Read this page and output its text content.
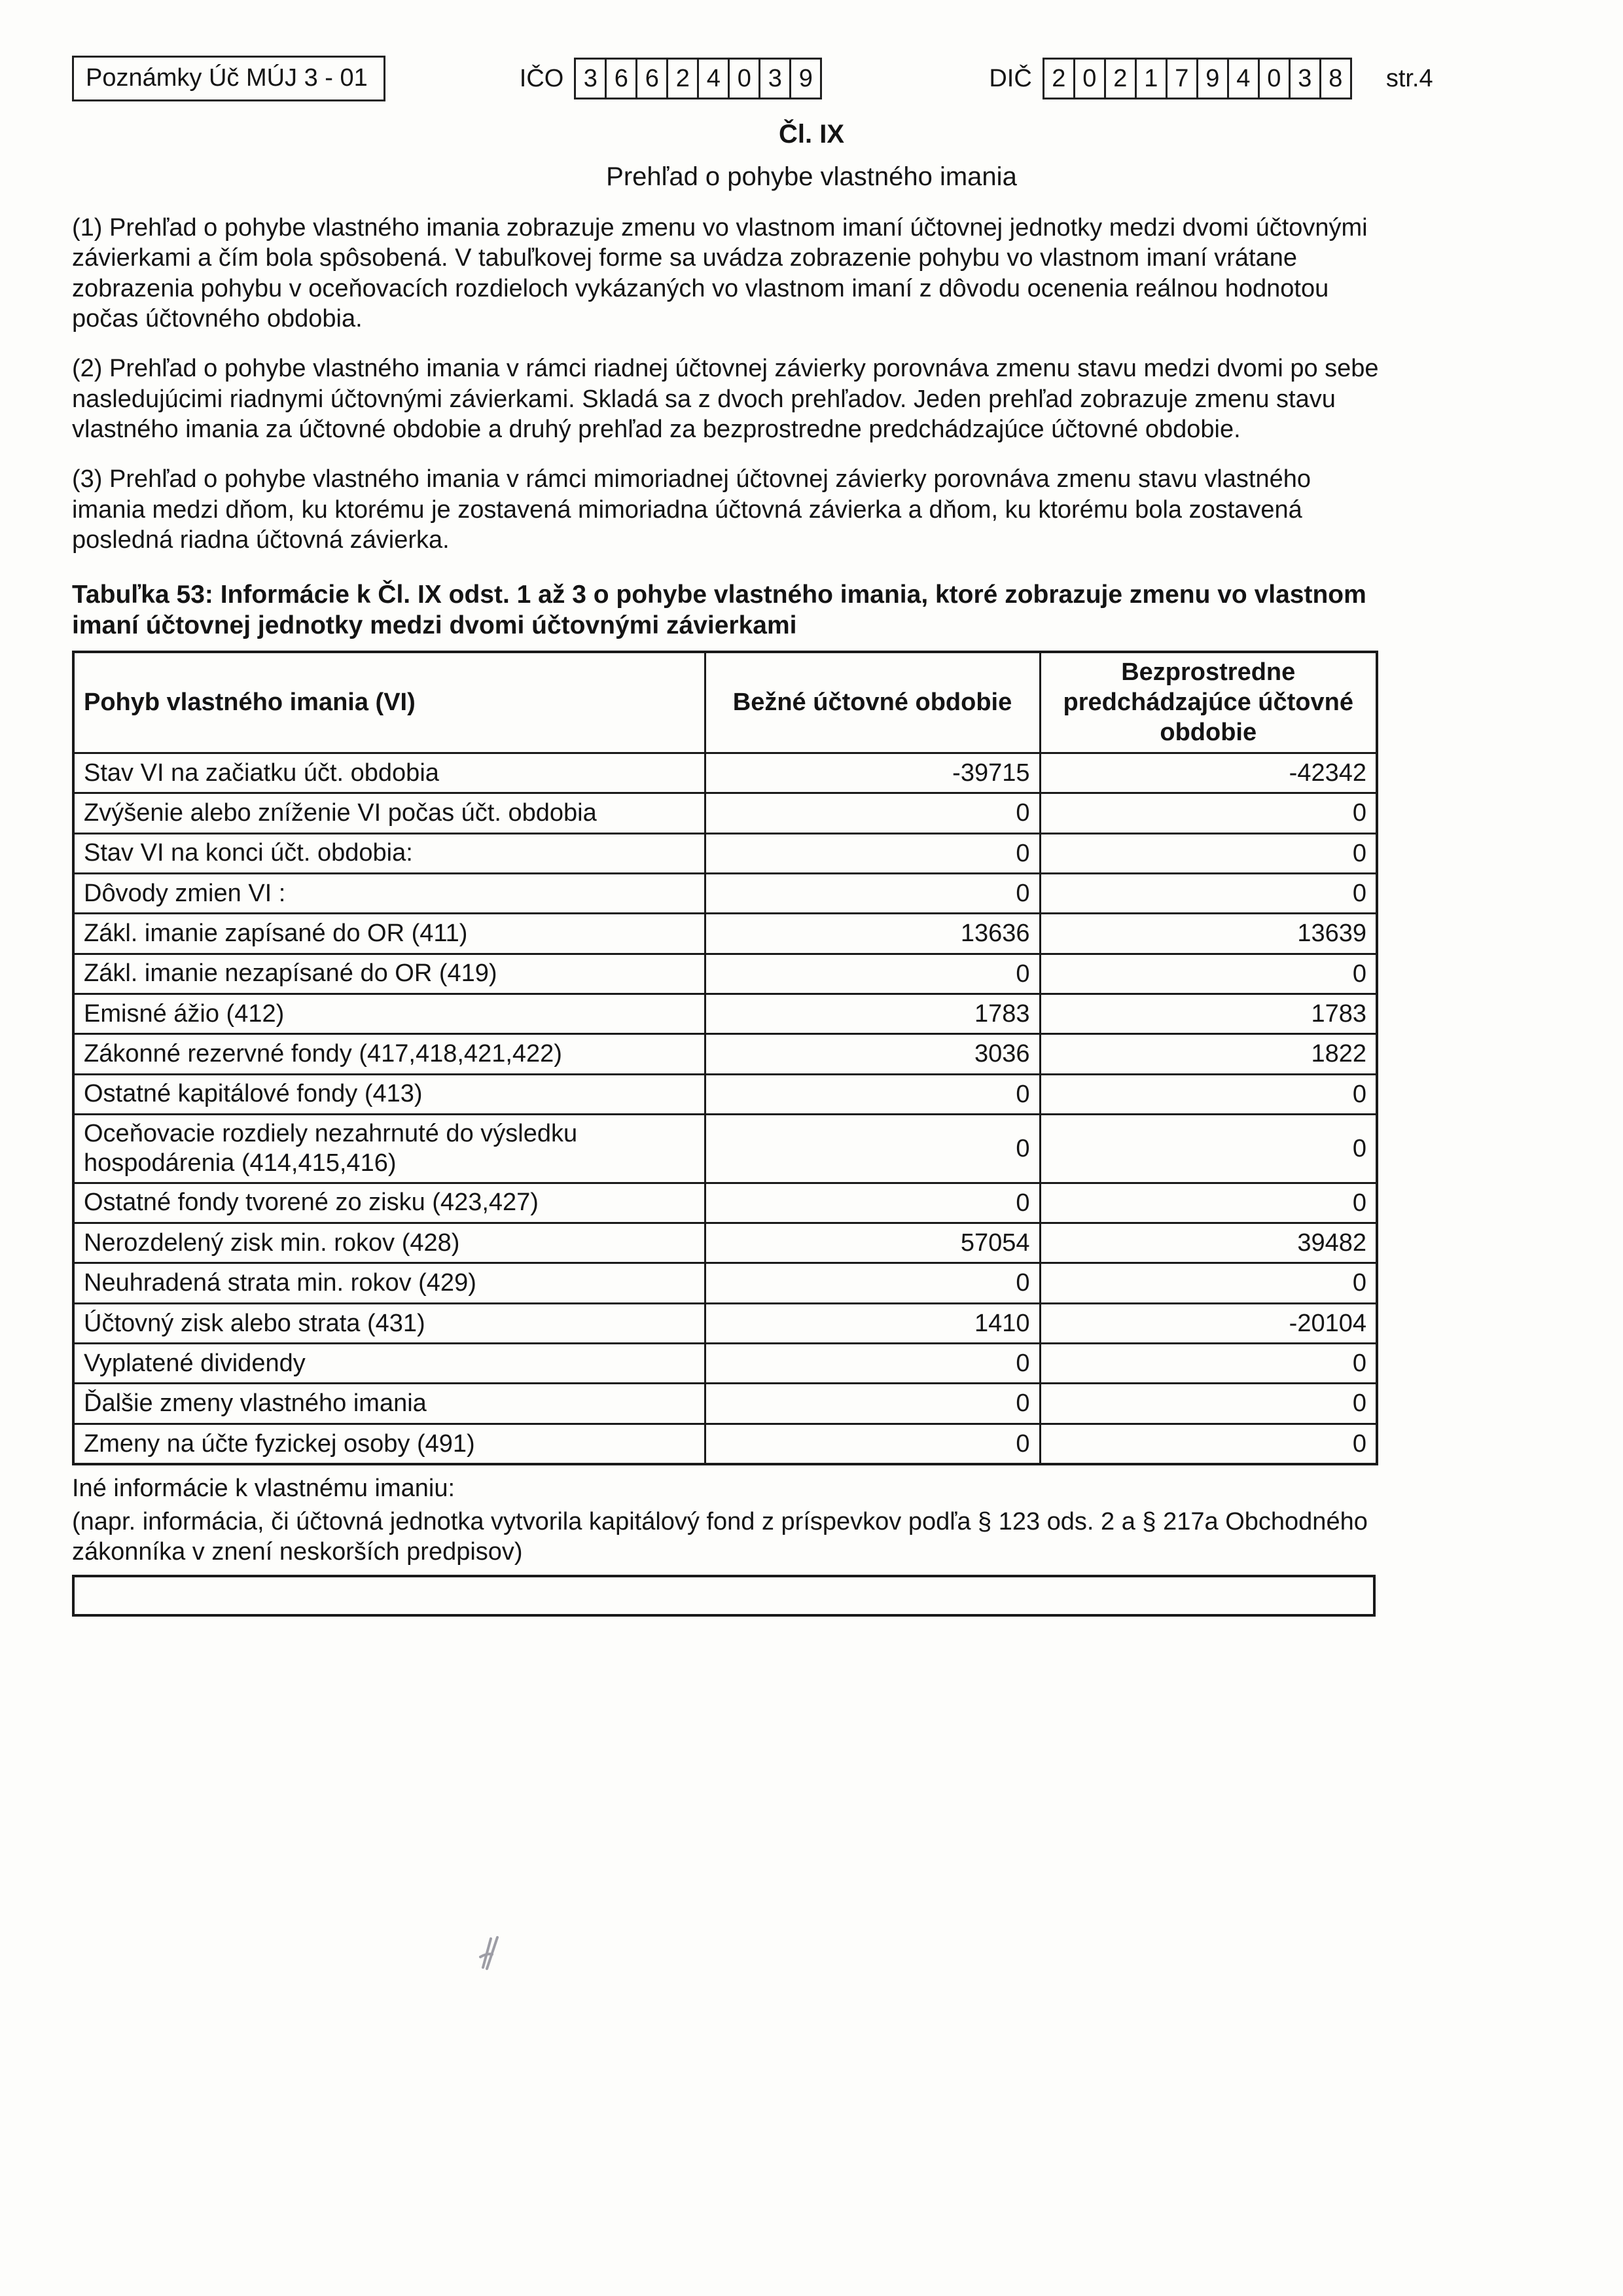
Poznámky Úč MÚJ 3 - 01	IČO 3 6 6 2 4 0 3 9	DIČ 2 0 2 1 7 9 4 0 3 8	str.4
Čl. IX
Prehľad o pohybe vlastného imania
(1) Prehľad o pohybe vlastného imania zobrazuje zmenu vo vlastnom imaní účtovnej jednotky medzi dvomi účtovnými závierkami a čím bola spôsobená. V tabuľkovej forme sa uvádza zobrazenie pohybu vo vlastnom imaní vrátane zobrazenia pohybu v oceňovacích rozdieloch vykázaných vo vlastnom imaní z dôvodu ocenenia reálnou hodnotou počas účtovného obdobia.
(2) Prehľad o pohybe vlastného imania v rámci riadnej účtovnej závierky porovnáva zmenu stavu medzi dvomi po sebe nasledujúcimi riadnymi účtovnými závierkami. Skladá sa z dvoch prehľadov. Jeden prehľad zobrazuje zmenu stavu vlastného imania za účtovné obdobie a druhý prehľad za bezprostredne predchádzajúce účtovné obdobie.
(3) Prehľad o pohybe vlastného imania v rámci mimoriadnej účtovnej závierky porovnáva zmenu stavu vlastného imania medzi dňom, ku ktorému je zostavená mimoriadna účtovná závierka a dňom, ku ktorému bola zostavená posledná riadna účtovná závierka.
Tabuľka 53: Informácie k Čl. IX odst. 1 až 3 o pohybe vlastného imania, ktoré zobrazuje zmenu vo vlastnom imaní účtovnej jednotky medzi dvomi účtovnými závierkami
Pohyb vlastného imania (VI)	Bežné účtovné obdobie	Bezprostredne predchádzajúce účtovné obdobie
Stav VI na začiatku účt. obdobia	-39715	-42342
Zvýšenie alebo zníženie VI počas účt. obdobia	0	0
Stav VI na konci účt. obdobia:	0	0
Dôvody zmien VI :	0	0
Zákl. imanie zapísané do OR (411)	13636	13639
Zákl. imanie nezapísané do OR (419)	0	0
Emisné ážio (412)	1783	1783
Zákonné rezervné fondy (417,418,421,422)	3036	1822
Ostatné kapitálové fondy (413)	0	0
Oceňovacie rozdiely nezahrnuté do výsledku hospodárenia (414,415,416)	0	0
Ostatné fondy tvorené zo zisku (423,427)	0	0
Nerozdelený zisk min. rokov (428)	57054	39482
Neuhradená strata min. rokov (429)	0	0
Účtovný zisk alebo strata (431)	1410	-20104
Vyplatené dividendy	0	0
Ďalšie zmeny vlastného imania	0	0
Zmeny na účte fyzickej osoby (491)	0	0
Iné informácie k vlastnému imaniu:
(napr. informácia, či účtovná jednotka vytvorila kapitálový fond z príspevkov podľa § 123 ods. 2 a § 217a Obchodného zákonníka v znení neskorších predpisov)
